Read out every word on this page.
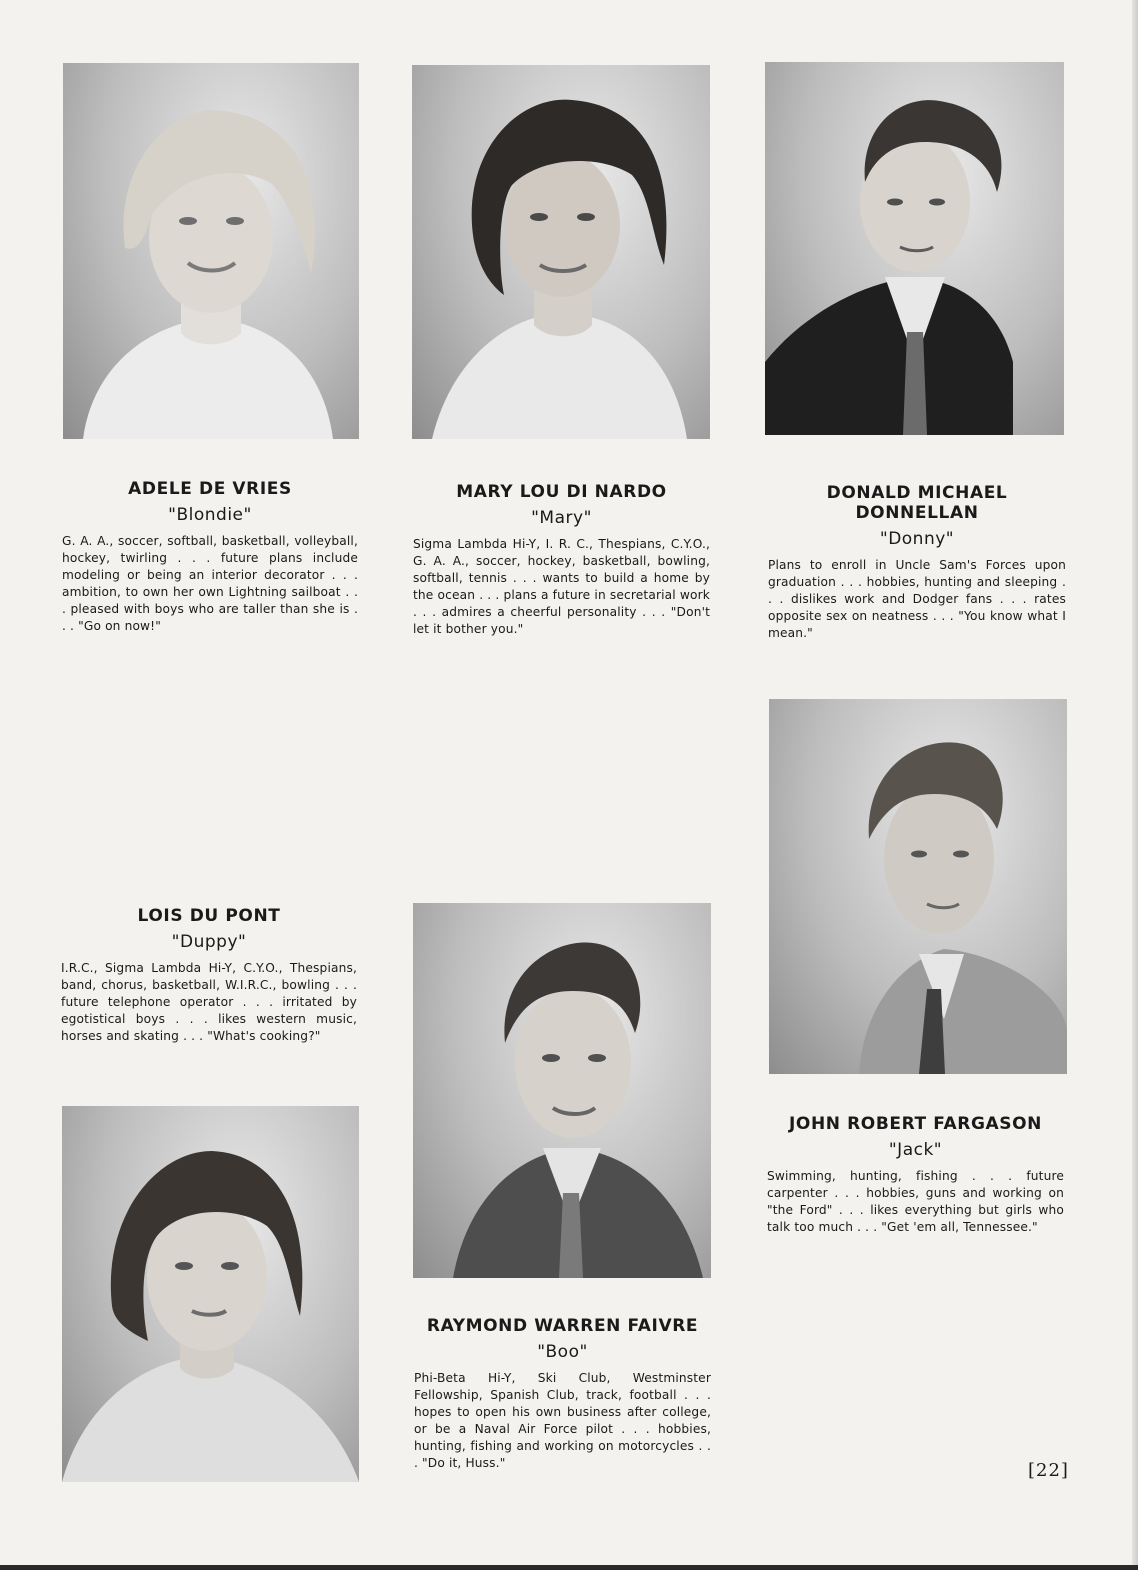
ADELE DE VRIES
"Blondie"

G. A. A., soccer, softball, basketball, volleyball, hockey, twirling . . . future plans include modeling or being an interior decorator . . . ambition, to own her own Lightning sailboat . . . pleased with boys who are taller than she is . . . "Go on now!"

MARY LOU DI NARDO
"Mary"

Sigma Lambda Hi-Y, I. R. C., Thespians, C.Y.O., G. A. A., soccer, hockey, basketball, bowling, softball, tennis . . . wants to build a home by the ocean . . . plans a future in secretarial work . . . admires a cheerful personality . . . "Don't let it bother you."

DONALD MICHAEL DONNELLAN
"Donny"

Plans to enroll in Uncle Sam's Forces upon graduation . . . hobbies, hunting and sleeping . . . dislikes work and Dodger fans . . . rates opposite sex on neatness . . . "You know what I mean."

LOIS DU PONT
"Duppy"

I.R.C., Sigma Lambda Hi-Y, C.Y.O., Thespians, band, chorus, basketball, W.I.R.C., bowling . . . future telephone operator . . . irritated by egotistical boys . . . likes western music, horses and skating . . . "What's cooking?"

RAYMOND WARREN FAIVRE
"Boo"

Phi-Beta Hi-Y, Ski Club, Westminster Fellowship, Spanish Club, track, football . . . hopes to open his own business after college, or be a Naval Air Force pilot . . . hobbies, hunting, fishing and working on motorcycles . . . "Do it, Huss."

JOHN ROBERT FARGASON
"Jack"

Swimming, hunting, fishing . . . future carpenter . . . hobbies, guns and working on "the Ford" . . . likes everything but girls who talk too much . . . "Get 'em all, Tennessee."

[22]
